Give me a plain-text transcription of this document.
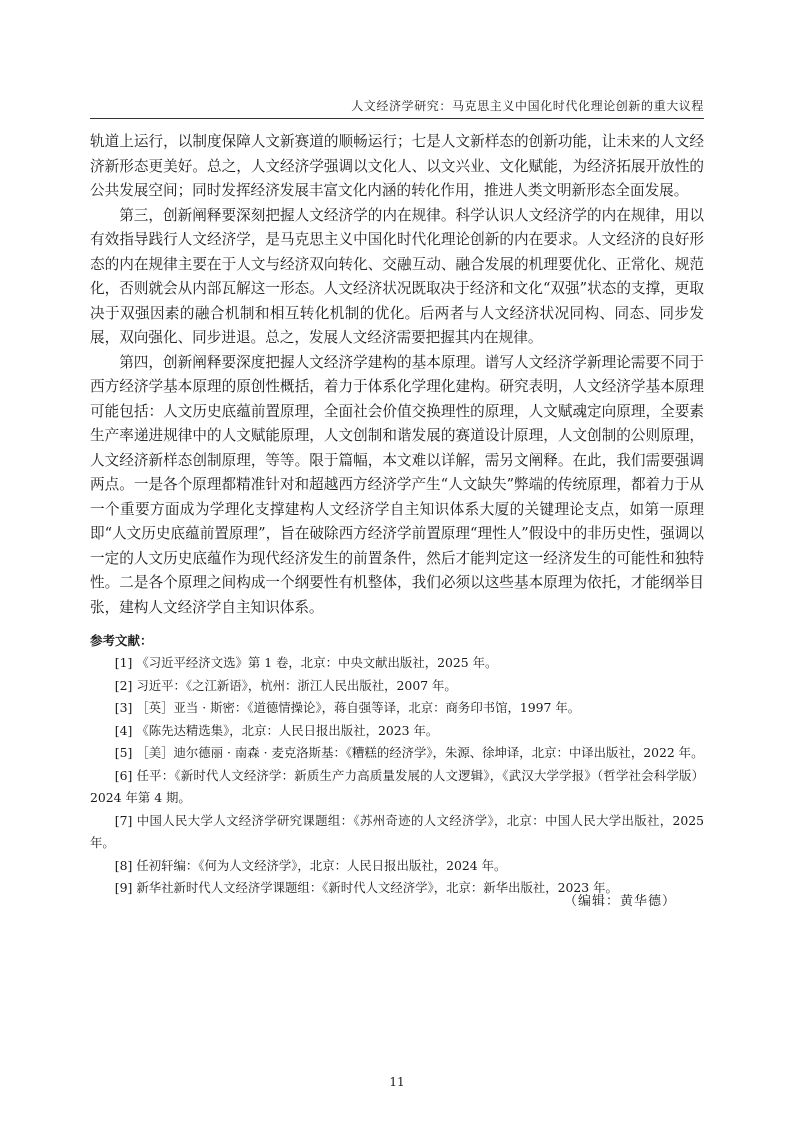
人文经济学研究：马克思主义中国化时代化理论创新的重大议程

轨道上运行，以制度保障人文新赛道的顺畅运行；七是人文新样态的创新功能，让未来的人文经济新形态更美好。总之，人文经济学强调以文化人、以文兴业、文化赋能，为经济拓展开放性的公共发展空间；同时发挥经济发展丰富文化内涵的转化作用，推进人类文明新形态全面发展。

第三，创新阐释要深刻把握人文经济学的内在规律。科学认识人文经济学的内在规律，用以有效指导践行人文经济学，是马克思主义中国化时代化理论创新的内在要求。人文经济的良好形态的内在规律主要在于人文与经济双向转化、交融互动、融合发展的机理要优化、正常化、规范化，否则就会从内部瓦解这一形态。人文经济状况既取决于经济和文化“双强”状态的支撑，更取决于双强因素的融合机制和相互转化机制的优化。后两者与人文经济状况同构、同态、同步发展，双向强化、同步进退。总之，发展人文经济需要把握其内在规律。

第四，创新阐释要深度把握人文经济学建构的基本原理。谱写人文经济学新理论需要不同于西方经济学基本原理的原创性概括，着力于体系化学理化建构。研究表明，人文经济学基本原理可能包括：人文历史底蕴前置原理，全面社会价值交换理性的原理，人文赋魂定向原理，全要素生产率递进规律中的人文赋能原理，人文创制和谐发展的赛道设计原理，人文创制的公则原理，人文经济新样态创制原理，等等。限于篇幅，本文难以详解，需另文阐释。在此，我们需要强调两点。一是各个原理都精准针对和超越西方经济学产生“人文缺失”弊端的传统原理，都着力于从一个重要方面成为学理化支撑建构人文经济学自主知识体系大厦的关键理论支点，如第一原理即“人文历史底蕴前置原理”，旨在破除西方经济学前置原理“理性人”假设中的非历史性，强调以一定的人文历史底蕴作为现代经济发生的前置条件，然后才能判定这一经济发生的可能性和独特性。二是各个原理之间构成一个纲要性有机整体，我们必须以这些基本原理为依托，才能纲举目张，建构人文经济学自主知识体系。

参考文献：
[1] 《习近平经济文选》第 1 卷，北京：中央文献出版社，2025 年。
[2] 习近平：《之江新语》，杭州：浙江人民出版社，2007 年。
[3] ［英］亚当 · 斯密：《道德情操论》，蒋自强等译，北京：商务印书馆，1997 年。
[4] 《陈先达精选集》，北京：人民日报出版社，2023 年。
[5] ［美］迪尔德丽 · 南森 · 麦克洛斯基：《糟糕的经济学》，朱源、徐坤译，北京：中译出版社，2022 年。
[6] 任平：《新时代人文经济学：新质生产力高质量发展的人文逻辑》，《武汉大学学报》（哲学社会科学版）2024 年第 4 期。
[7] 中国人民大学人文经济学研究课题组：《苏州奇迹的人文经济学》，北京：中国人民大学出版社，2025 年。
[8] 任初轩编：《何为人文经济学》，北京：人民日报出版社，2024 年。
[9] 新华社新时代人文经济学课题组：《新时代人文经济学》，北京：新华出版社，2023 年。
（编辑：黄华德）
11
